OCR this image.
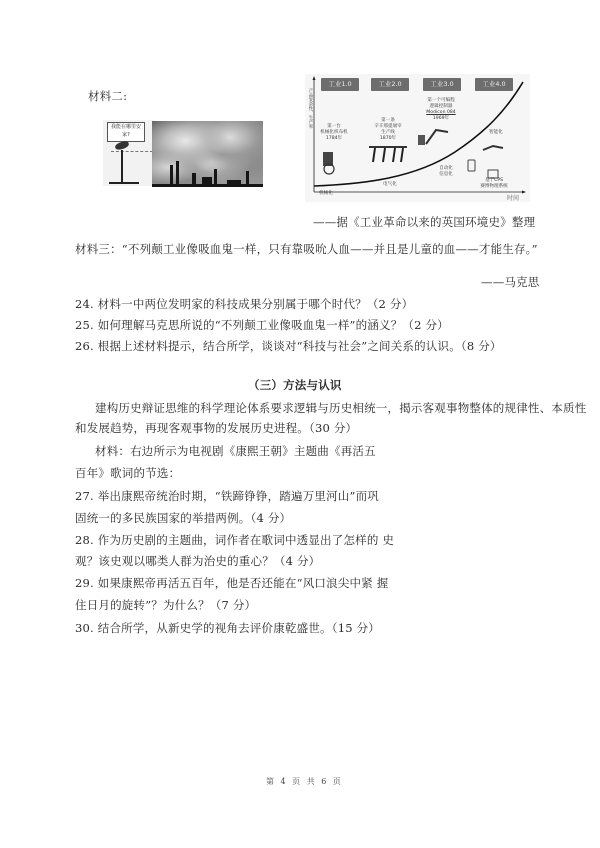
材料二:
我能在哪里安家?
产品复杂性、生产率
工业1.0	工业2.0	工业3.0	工业4.0
第一台
机械化织布机
1784年
第一条
辛辛那提屠宰
生产线
1870年
第一个可编程
逻辑控制器
Modicon 084
1969年
基于CPS
赛博物理系统
机械化
电气化
自动化 信息化
智能化
时间
——据《工业革命以来的英国环境史》整理
材料三：“不列颠工业像吸血鬼一样，只有靠吸吮人血——并且是儿童的血——才能生存。”
——马克思
24. 材料一中两位发明家的科技成果分别属于哪个时代？（2 分）
25. 如何理解马克思所说的“不列颠工业像吸血鬼一样”的涵义？（2 分）
26. 根据上述材料提示，结合所学，谈谈对“科技与社会”之间关系的认识。（8 分）
（三）方法与认识
建构历史辩证思维的科学理论体系要求逻辑与历史相统一，揭示客观事物整体的规律性、本质性
和发展趋势，再现客观事物的发展历史进程。（30 分）
材料：右边所示为电视剧《康熙王朝》主题曲《再活五
百年》歌词的节选：
27. 举出康熙帝统治时期，“铁蹄铮铮，踏遍万里河山”而巩
固统一的多民族国家的举措两例。（4 分）
28. 作为历史剧的主题曲，词作者在歌词中透显出了怎样的 史
观？该史观以哪类人群为治史的重心？（4 分）
29. 如果康熙帝再活五百年，他是否还能在“风口浪尖中紧 握
住日月的旋转”？为什么？（7 分）
30. 结合所学，从新史学的视角去评价康乾盛世。（15 分）
第 4 页 共 6 页
